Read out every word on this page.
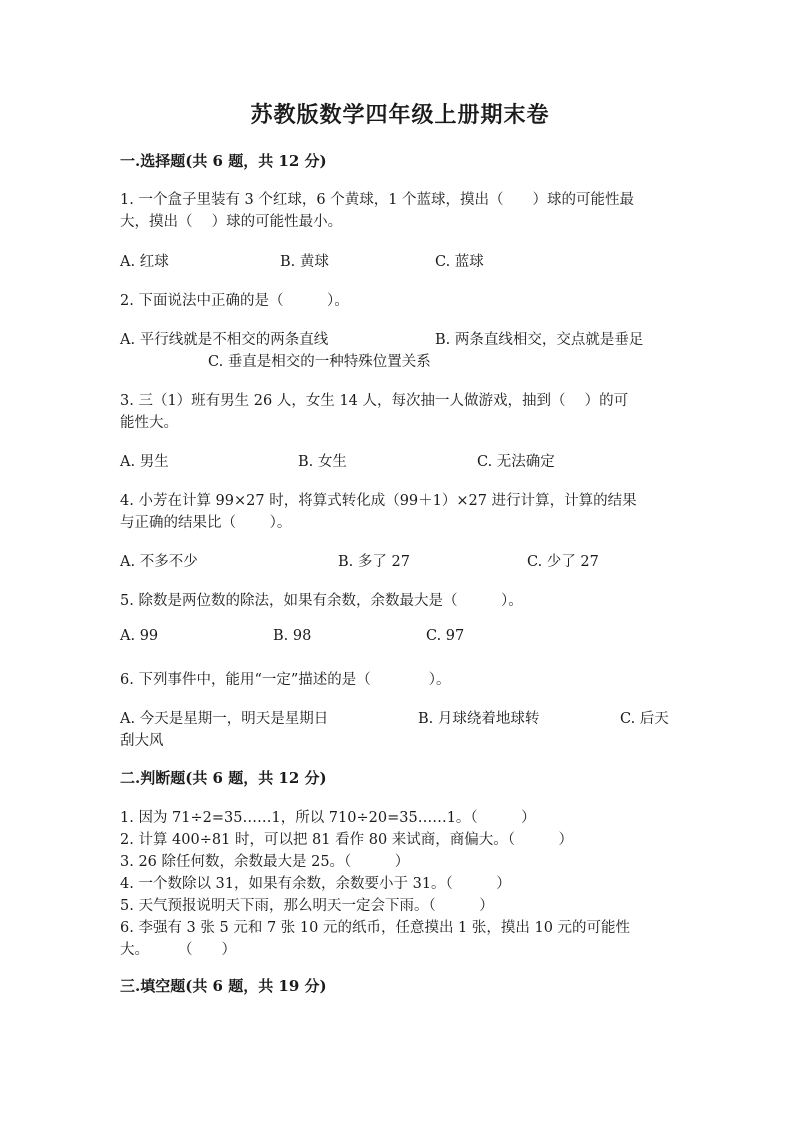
苏教版数学四年级上册期末卷
一.选择题(共 6 题，共 12 分)
1. 一个盒子里装有 3 个红球，6 个黄球，1 个蓝球，摸出（　　）球的可能性最
大，摸出（　 ）球的可能性最小。
A. 红球	B. 黄球	C. 蓝球
2. 下面说法中正确的是（　　　）。
A. 平行线就是不相交的两条直线	B. 两条直线相交，交点就是垂足
C. 垂直是相交的一种特殊位置关系
3. 三（1）班有男生 26 人，女生 14 人，每次抽一人做游戏，抽到（　 ）的可
能性大。
A. 男生	B. 女生	C. 无法确定
4. 小芳在计算 99×27 时，将算式转化成（99＋1）×27 进行计算，计算的结果
与正确的结果比（　　 ）。
A. 不多不少	B. 多了 27	C. 少了 27
5. 除数是两位数的除法，如果有余数，余数最大是（　　　）。
A. 99	B. 98	C. 97
6. 下列事件中，能用“一定”描述的是（　　　　）。
A. 今天是星期一，明天是星期日	B. 月球绕着地球转	C. 后天
刮大风
二.判断题(共 6 题，共 12 分)
1. 因为 71÷2=35……1，所以 710÷20=35……1。（　　　）
2. 计算 400÷81 时，可以把 81 看作 80 来试商，商偏大。（　　　）
3. 26 除任何数，余数最大是 25。（　　　）
4. 一个数除以 31，如果有余数，余数要小于 31。（　　　）
5. 天气预报说明天下雨，那么明天一定会下雨。（　　　）
6. 李强有 3 张 5 元和 7 张 10 元的纸币，任意摸出 1 张，摸出 10 元的可能性
大。　　　（　　）
三.填空题(共 6 题，共 19 分)
